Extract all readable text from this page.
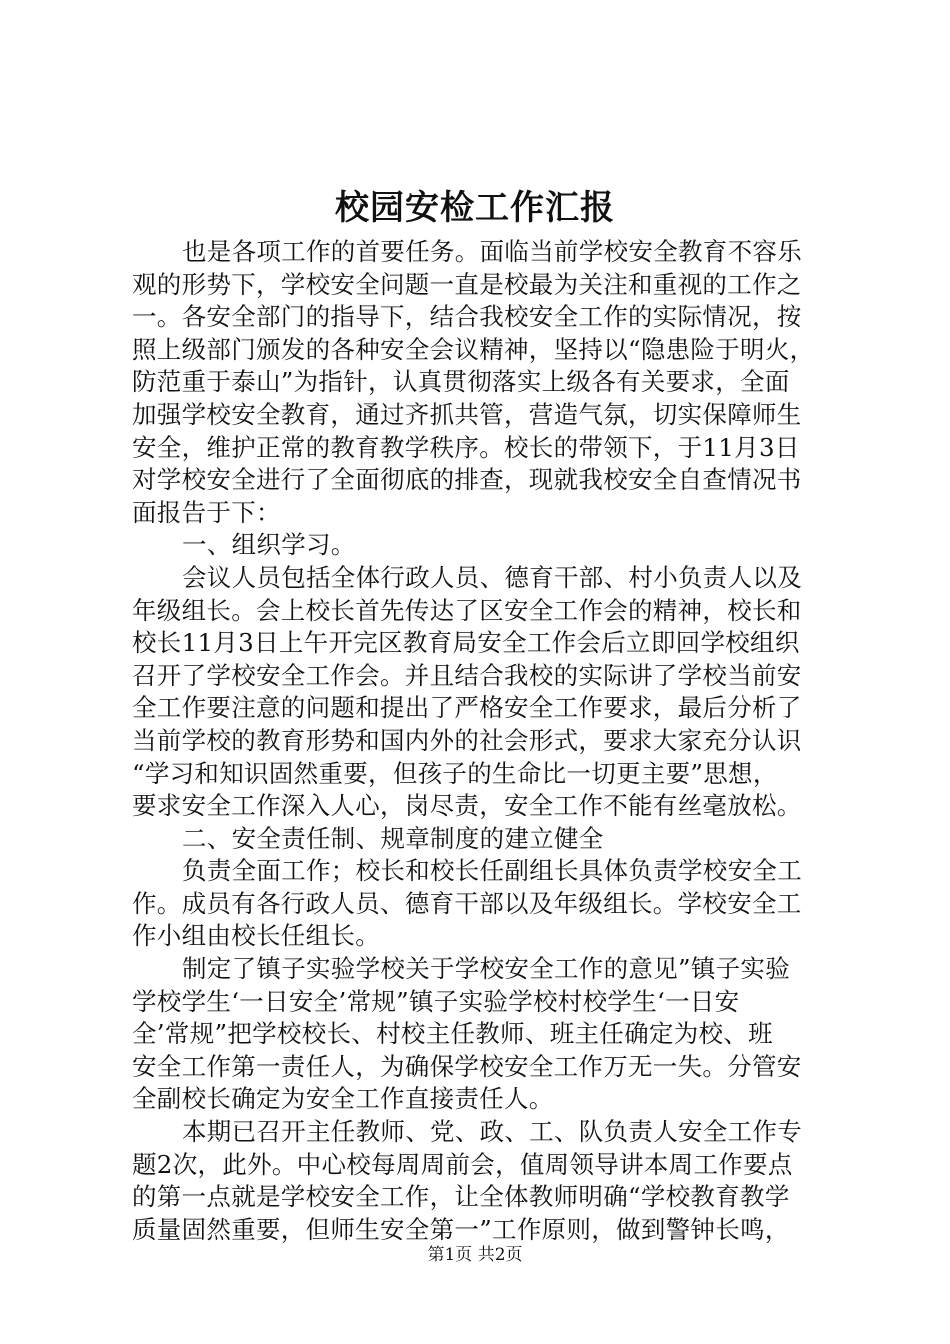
校园安检工作汇报
也是各项工作的首要任务。面临当前学校安全教育不容乐
观的形势下，学校安全问题一直是校最为关注和重视的工作之
一。各安全部门的指导下，结合我校安全工作的实际情况，按
照上级部门颁发的各种安全会议精神，坚持以“隐患险于明火，
防范重于泰山”为指针，认真贯彻落实上级各有关要求，全面
加强学校安全教育，通过齐抓共管，营造气氛，切实保障师生
安全，维护正常的教育教学秩序。校长的带领下，于11月3日
对学校安全进行了全面彻底的排查，现就我校安全自查情况书
面报告于下：
一、组织学习。
会议人员包括全体行政人员、德育干部、村小负责人以及
年级组长。会上校长首先传达了区安全工作会的精神，校长和
校长11月3日上午开完区教育局安全工作会后立即回学校组织
召开了学校安全工作会。并且结合我校的实际讲了学校当前安
全工作要注意的问题和提出了严格安全工作要求，最后分析了
当前学校的教育形势和国内外的社会形式，要求大家充分认识
“学习和知识固然重要，但孩子的生命比一切更主要”思想，
要求安全工作深入人心，岗尽责，安全工作不能有丝毫放松。
二、安全责任制、规章制度的建立健全
负责全面工作；校长和校长任副组长具体负责学校安全工
作。成员有各行政人员、德育干部以及年级组长。学校安全工
作小组由校长任组长。
制定了镇子实验学校关于学校安全工作的意见”镇子实验
学校学生‘一日安全’常规”镇子实验学校村校学生‘一日安
全’常规”把学校校长、村校主任教师、班主任确定为校、班
安全工作第一责任人，为确保学校安全工作万无一失。分管安
全副校长确定为安全工作直接责任人。
本期已召开主任教师、党、政、工、队负责人安全工作专
题2次，此外。中心校每周周前会，值周领导讲本周工作要点
的第一点就是学校安全工作，让全体教师明确“学校教育教学
质量固然重要，但师生安全第一”工作原则，做到警钟长鸣，
第1页 共2页
